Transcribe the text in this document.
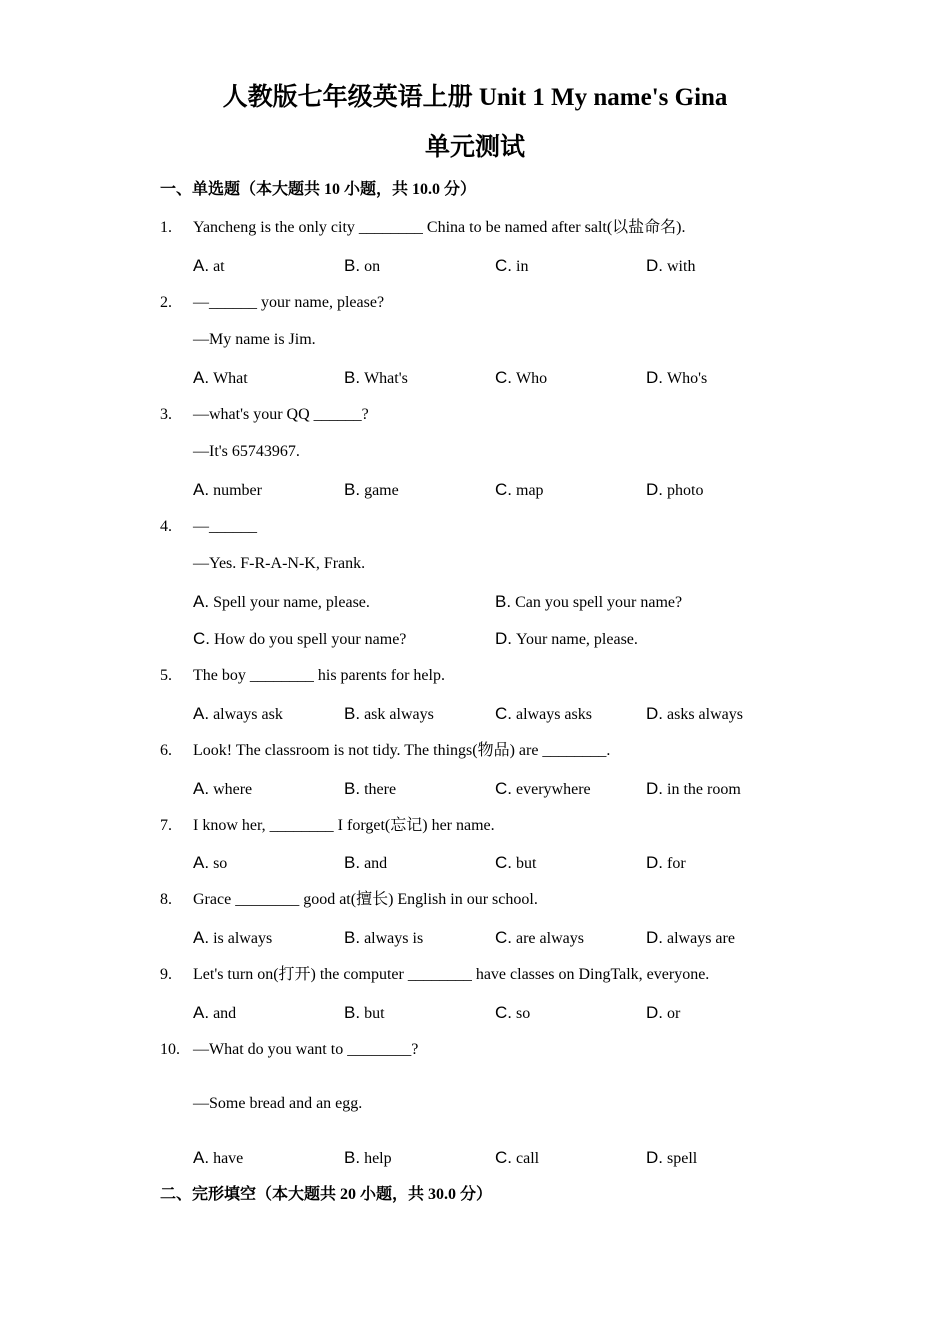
人教版七年级英语上册 Unit 1 My name's Gina
单元测试
一、单选题（本大题共 10 小题，共 10.0 分）
1. Yancheng is the only city ________ China to be named after salt(以盐命名).
A. at	B. on	C. in	D. with
2. —______ your name, please?
—My name is Jim.
A. What	B. What's	C. Who	D. Who's
3. —what's your QQ ______?
—It's 65743967.
A. number	B. game	C. map	D. photo
4. —______
—Yes. F-R-A-N-K, Frank.
A. Spell your name, please.	B. Can you spell your name?
C. How do you spell your name?	D. Your name, please.
5. The boy ________ his parents for help.
A. always ask	B. ask always	C. always asks	D. asks always
6. Look! The classroom is not tidy. The things(物品) are ________.
A. where	B. there	C. everywhere	D. in the room
7. I know her, ________ I forget(忘记) her name.
A. so	B. and	C. but	D. for
8. Grace ________ good at(擅长) English in our school.
A. is always	B. always is	C. are always	D. always are
9. Let's turn on(打开) the computer ________ have classes on DingTalk, everyone.
A. and	B. but	C. so	D. or
10. —What do you want to ________?
—Some bread and an egg.
A. have	B. help	C. call	D. spell
二、完形填空（本大题共 20 小题，共 30.0 分）
